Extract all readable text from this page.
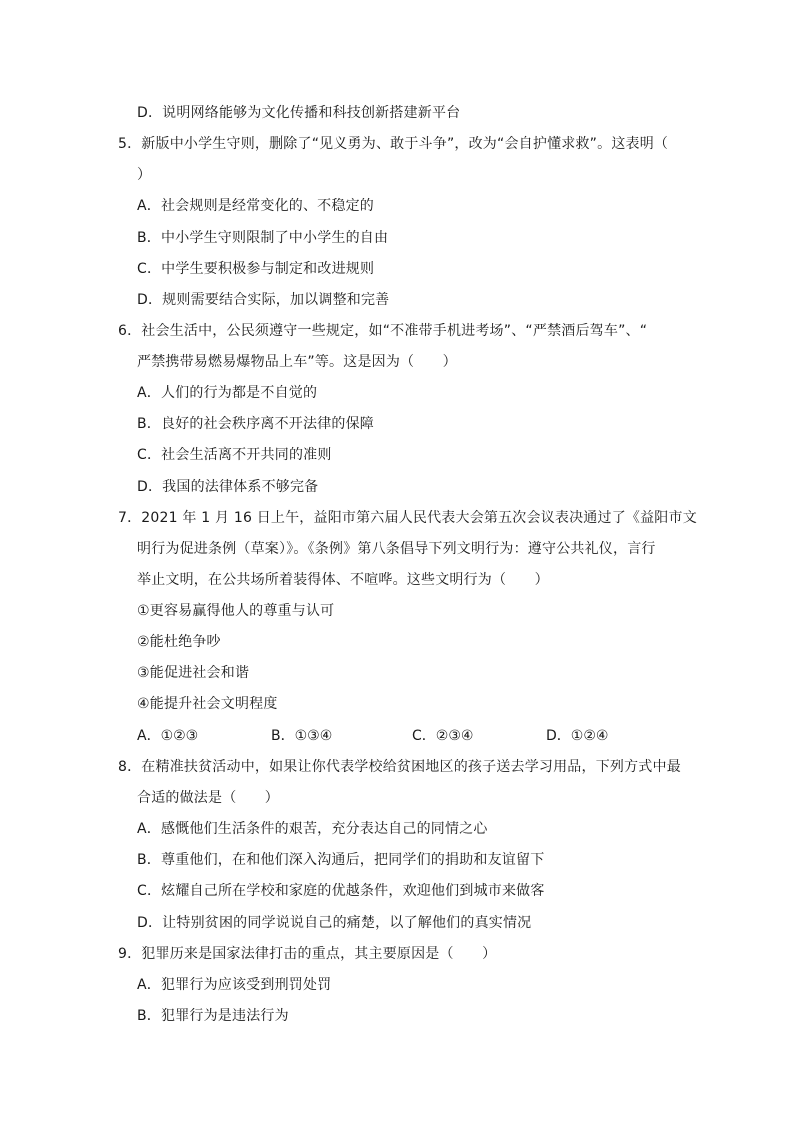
D．说明网络能够为文化传播和科技创新搭建新平台
5．新版中小学生守则，删除了“见义勇为、敢于斗争”，改为“会自护懂求救”。这表明（
）
A．社会规则是经常变化的、不稳定的
B．中小学生守则限制了中小学生的自由
C．中学生要积极参与制定和改进规则
D．规则需要结合实际，加以调整和完善
6．社会生活中，公民须遵守一些规定，如“不准带手机进考场”、“严禁酒后驾车”、“
严禁携带易燃易爆物品上车”等。这是因为（　　）
A．人们的行为都是不自觉的
B．良好的社会秩序离不开法律的保障
C．社会生活离不开共同的准则
D．我国的法律体系不够完备
7．2021 年 1 月 16 日上午，益阳市第六届人民代表大会第五次会议表决通过了《益阳市文
明行为促进条例（草案）》。《条例》第八条倡导下列文明行为：遵守公共礼仪，言行
举止文明，在公共场所着装得体、不喧哗。这些文明行为（　　）
①更容易赢得他人的尊重与认可
②能杜绝争吵
③能促进社会和谐
④能提升社会文明程度
A．①②③	B．①③④	C．②③④	D．①②④
8．在精准扶贫活动中，如果让你代表学校给贫困地区的孩子送去学习用品，下列方式中最
合适的做法是（　　）
A．感慨他们生活条件的艰苦，充分表达自己的同情之心
B．尊重他们，在和他们深入沟通后，把同学们的捐助和友谊留下
C．炫耀自己所在学校和家庭的优越条件，欢迎他们到城市来做客
D．让特别贫困的同学说说自己的痛楚，以了解他们的真实情况
9．犯罪历来是国家法律打击的重点，其主要原因是（　　）
A．犯罪行为应该受到刑罚处罚
B．犯罪行为是违法行为
